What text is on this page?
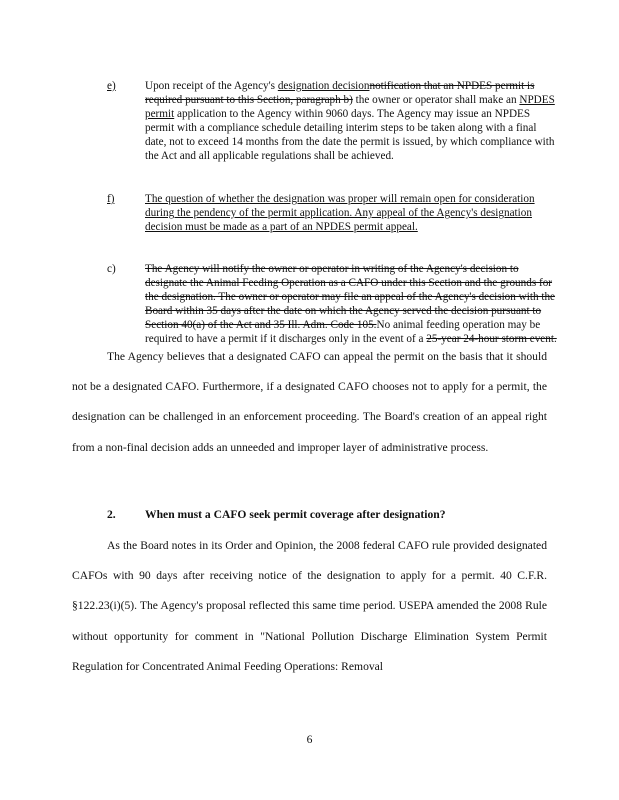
e)	Upon receipt of the Agency's designation decisionnotification that an NPDES permit is required pursuant to this Section, paragraph b) the owner or operator shall make an NPDES permit application to the Agency within 9060 days. The Agency may issue an NPDES permit with a compliance schedule detailing interim steps to be taken along with a final date, not to exceed 14 months from the date the permit is issued, by which compliance with the Act and all applicable regulations shall be achieved.
f)	The question of whether the designation was proper will remain open for consideration during the pendency of the permit application. Any appeal of the Agency's designation decision must be made as a part of an NPDES permit appeal.
c)	The Agency will notify the owner or operator in writing of the Agency's decision to designate the Animal Feeding Operation as a CAFO under this Section and the grounds for the designation. The owner or operator may file an appeal of the Agency's decision with the Board within 35 days after the date on which the Agency served the decision pursuant to Section 40(a) of the Act and 35 Ill. Adm. Code 105.No animal feeding operation may be required to have a permit if it discharges only in the event of a 25-year 24-hour storm event.

The Agency believes that a designated CAFO can appeal the permit on the basis that it should not be a designated CAFO. Furthermore, if a designated CAFO chooses not to apply for a permit, the designation can be challenged in an enforcement proceeding. The Board's creation of an appeal right from a non-final decision adds an unneeded and improper layer of administrative process.

2.	When must a CAFO seek permit coverage after designation?

As the Board notes in its Order and Opinion, the 2008 federal CAFO rule provided designated CAFOs with 90 days after receiving notice of the designation to apply for a permit. 40 C.F.R. §122.23(i)(5). The Agency's proposal reflected this same time period. USEPA amended the 2008 Rule without opportunity for comment in "National Pollution Discharge Elimination System Permit Regulation for Concentrated Animal Feeding Operations: Removal

6
